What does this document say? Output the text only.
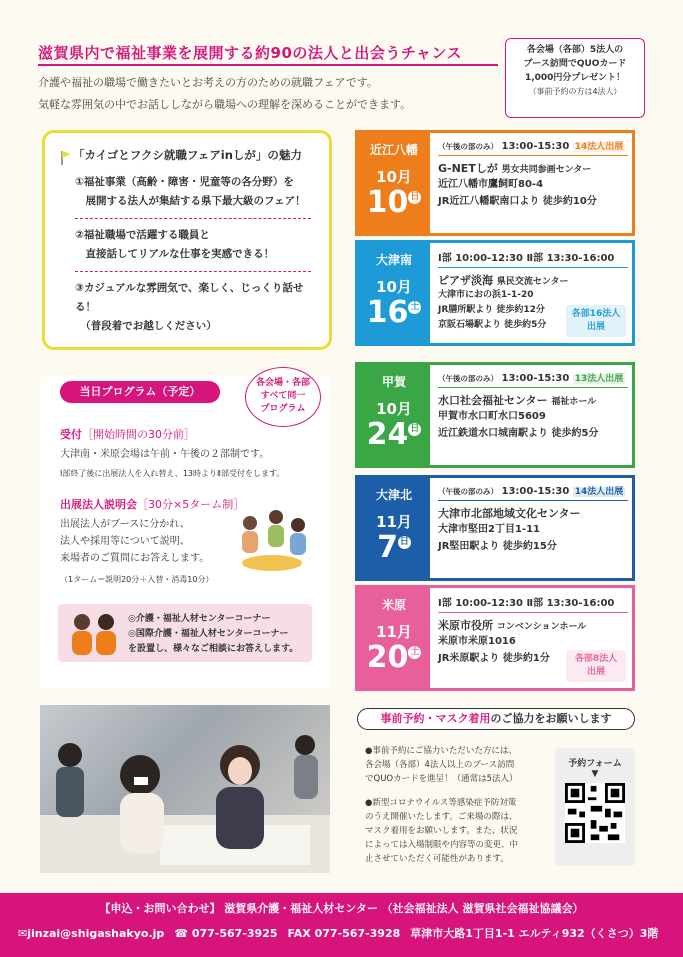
滋賀県内で福祉事業を展開する約90の法人と出会うチャンス
介護や福祉の職場で働きたいとお考えの方のための就職フェアです。
気軽な雰囲気の中でお話ししながら職場への理解を深めることができます。
各会場（各部）5法人の
ブース訪問でQUOカード
1,000円分プレゼント！
（事前予約の方は4法人）
「カイゴとフクシ就職フェアinしが」の魅力
①福祉事業（高齢・障害・児童等の各分野）を
　展開する法人が集結する県下最大級のフェア！
②福祉職場で活躍する職員と
　直接話してリアルな仕事を実感できる！
③カジュアルな雰囲気で、楽しく、じっくり話せる！
　（普段着でお越しください）
当日プログラム（予定）
各会場・各部
すべて同一
プログラム
受付［開始時間の30分前］
大津南・米原会場は午前・午後の２部制です。
Ⅰ部終了後に出展法人を入れ替え、13時よりⅡ部受付をします。
出展法人説明会［30分×5ターム制］
出展法人がブースに分かれ、
法人や採用等について説明、
来場者のご質問にお答えします。
（1ターム＝説明20分＋入替・消毒10分）
◎介護・福祉人材センターコーナー
◎国際介護・福祉人材センターコーナー
を設置し、様々なご相談にお答えします。
近江八幡
10月
10 日
（午後の部のみ） 13:00-15:30 14法人出展
G-NETしが 男女共同参画センター
近江八幡市鷹飼町80-4
JR近江八幡駅南口より 徒歩約10分
大津南
10月
16 土
Ⅰ部 10:00-12:30 Ⅱ部 13:30-16:00
ピアザ淡海 県民交流センター
大津市におの浜1-1-20
JR膳所駅より 徒歩約12分
京阪石場駅より 徒歩約5分
各部16法人
出展
甲賀
10月
24 日
（午後の部のみ） 13:00-15:30 13法人出展
水口社会福祉センター 福祉ホール
甲賀市水口町水口5609
近江鉄道水口城南駅より 徒歩約5分
大津北
11月
7 日
（午後の部のみ） 13:00-15:30 14法人出展
大津市北部地域文化センター
大津市堅田2丁目1-11
JR堅田駅より 徒歩約15分
米原
11月
20 土
Ⅰ部 10:00-12:30 Ⅱ部 13:30-16:00
米原市役所 コンベンションホール
米原市米原1016
JR米原駅より 徒歩約1分	各部8法人
出展
事前予約・マスク着用のご協力をお願いします
●事前予約にご協力いただいた方には、
各会場（各部）4法人以上のブース訪問
でQUOカードを進呈！（通常は5法人）
●新型コロナウイルス等感染症予防対策
のうえ開催いたします。ご来場の際は、
マスク着用をお願いします。また、状況
によっては入場制限や内容等の変更、中
止させていただく可能性があります。
予約フォーム
▼
【申込・お問い合わせ】 滋賀県介護・福祉人材センター （社会福祉法人 滋賀県社会福祉協議会）
✉jinzai@shigashakyo.jp ☎ 077-567-3925 FAX 077-567-3928 草津市大路1丁目1-1 エルティ932（くさつ）3階
